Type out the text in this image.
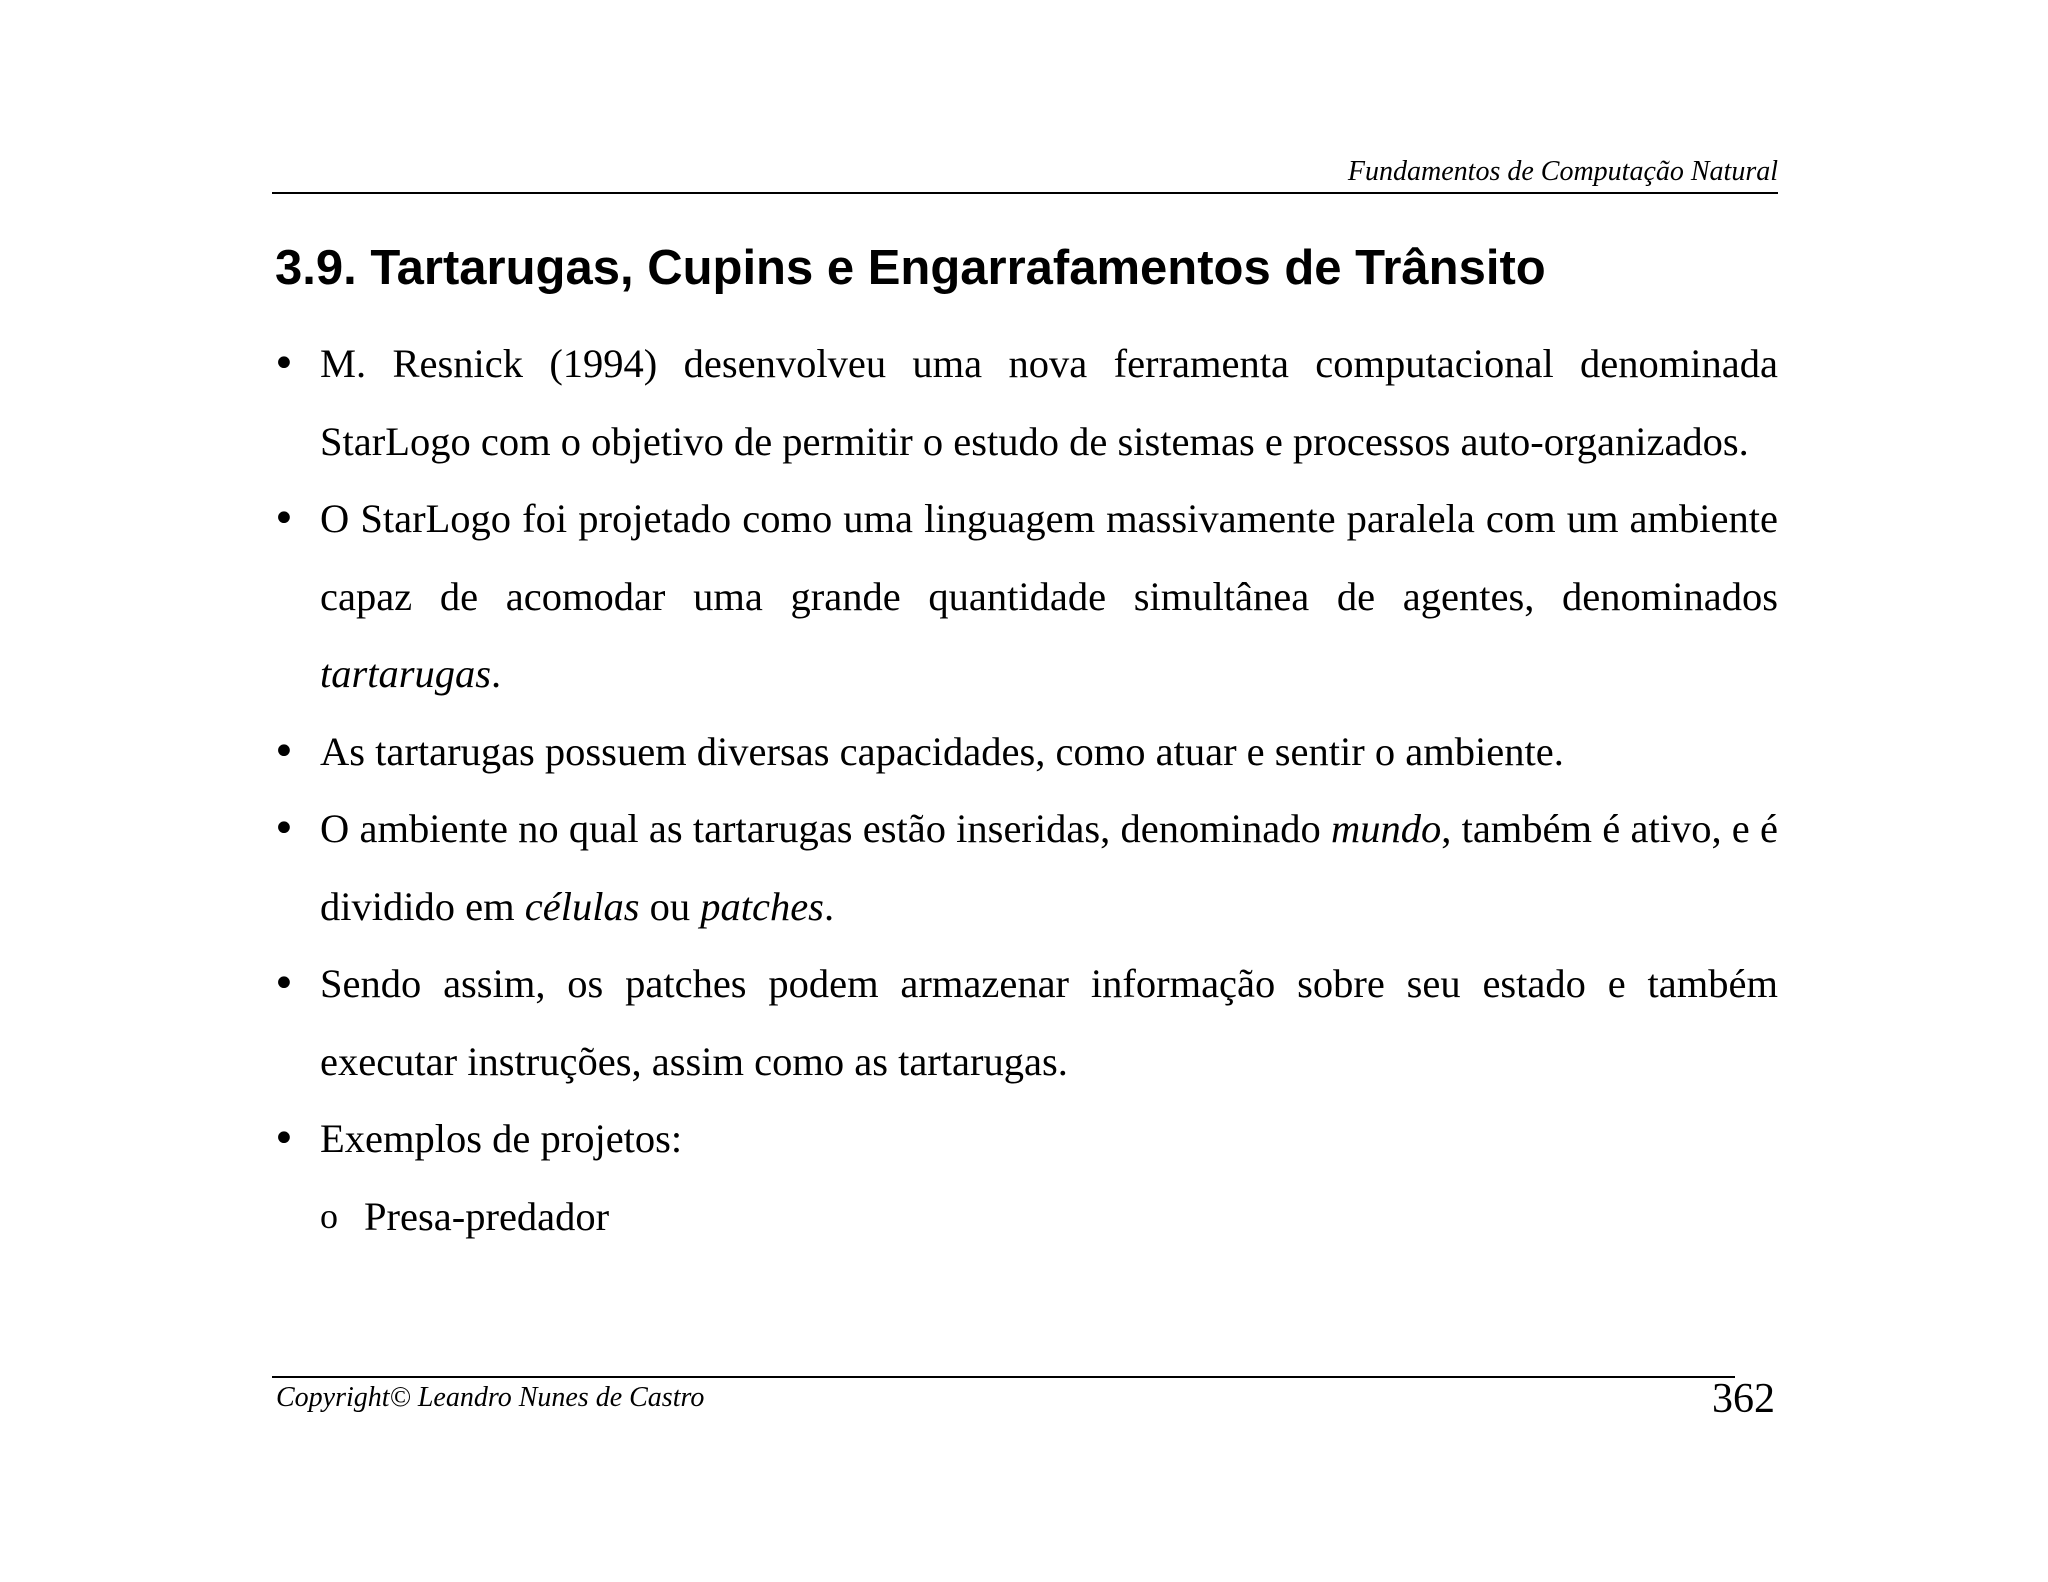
Fundamentos de Computação Natural
3.9. Tartarugas, Cupins e Engarrafamentos de Trânsito
• M. Resnick (1994) desenvolveu uma nova ferramenta computacional denominada StarLogo com o objetivo de permitir o estudo de sistemas e processos auto-organizados.
• O StarLogo foi projetado como uma linguagem massivamente paralela com um ambiente capaz de acomodar uma grande quantidade simultânea de agentes, denominados tartarugas.
• As tartarugas possuem diversas capacidades, como atuar e sentir o ambiente.
• O ambiente no qual as tartarugas estão inseridas, denominado mundo, também é ativo, e é dividido em células ou patches.
• Sendo assim, os patches podem armazenar informação sobre seu estado e também executar instruções, assim como as tartarugas.
• Exemplos de projetos:
o Presa-predador
Copyright© Leandro Nunes de Castro	362
